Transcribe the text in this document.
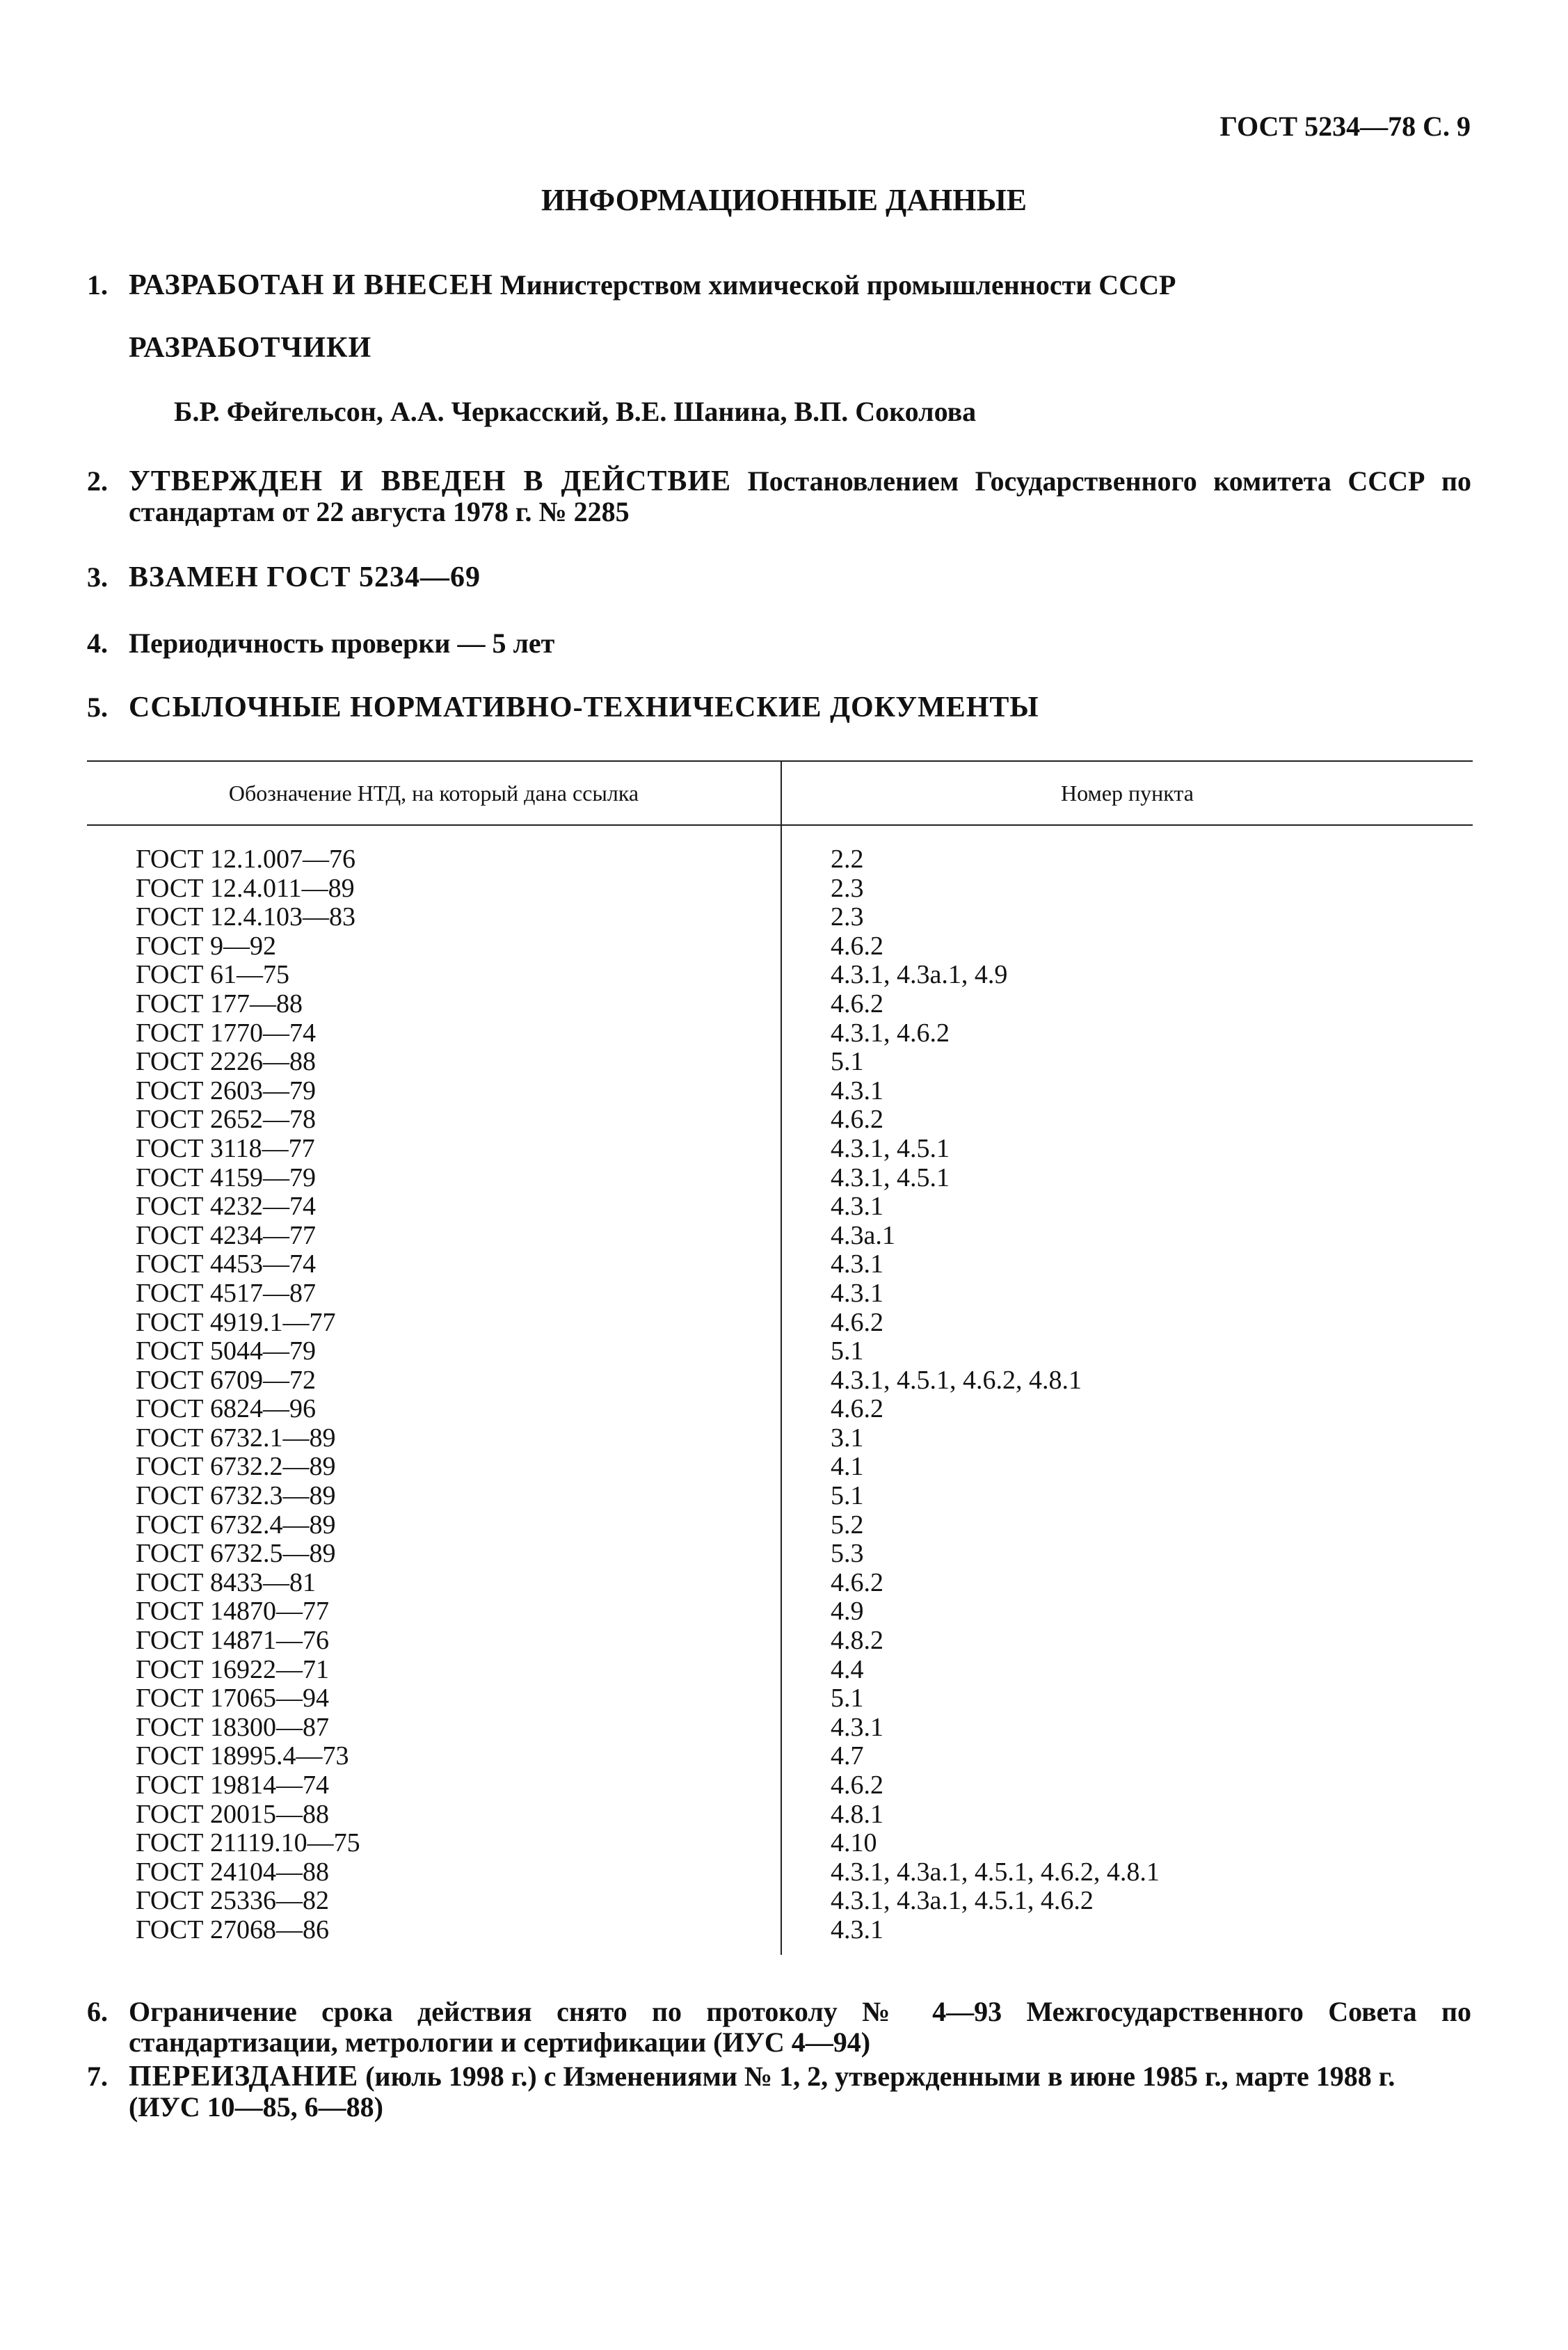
ГОСТ 5234—78 С. 9
ИНФОРМАЦИОННЫЕ ДАННЫЕ
1. РАЗРАБОТАН И ВНЕСЕН Министерством химической промышленности СССР
РАЗРАБОТЧИКИ
Б.Р. Фейгельсон, А.А. Черкасский, В.Е. Шанина, В.П. Соколова
2. УТВЕРЖДЕН И ВВЕДЕН В ДЕЙСТВИЕ Постановлением Государственного комитета СССР по стандартам от 22 августа 1978 г. № 2285
3. ВЗАМЕН ГОСТ 5234—69
4. Периодичность проверки — 5 лет
5. ССЫЛОЧНЫЕ НОРМАТИВНО-ТЕХНИЧЕСКИЕ ДОКУМЕНТЫ
Обозначение НТД, на который дана ссылка	Номер пункта
ГОСТ 12.1.007—76	2.2
ГОСТ 12.4.011—89	2.3
ГОСТ 12.4.103—83	2.3
ГОСТ 9—92	4.6.2
ГОСТ 61—75	4.3.1, 4.3а.1, 4.9
ГОСТ 177—88	4.6.2
ГОСТ 1770—74	4.3.1, 4.6.2
ГОСТ 2226—88	5.1
ГОСТ 2603—79	4.3.1
ГОСТ 2652—78	4.6.2
ГОСТ 3118—77	4.3.1, 4.5.1
ГОСТ 4159—79	4.3.1, 4.5.1
ГОСТ 4232—74	4.3.1
ГОСТ 4234—77	4.3а.1
ГОСТ 4453—74	4.3.1
ГОСТ 4517—87	4.3.1
ГОСТ 4919.1—77	4.6.2
ГОСТ 5044—79	5.1
ГОСТ 6709—72	4.3.1, 4.5.1, 4.6.2, 4.8.1
ГОСТ 6824—96	4.6.2
ГОСТ 6732.1—89	3.1
ГОСТ 6732.2—89	4.1
ГОСТ 6732.3—89	5.1
ГОСТ 6732.4—89	5.2
ГОСТ 6732.5—89	5.3
ГОСТ 8433—81	4.6.2
ГОСТ 14870—77	4.9
ГОСТ 14871—76	4.8.2
ГОСТ 16922—71	4.4
ГОСТ 17065—94	5.1
ГОСТ 18300—87	4.3.1
ГОСТ 18995.4—73	4.7
ГОСТ 19814—74	4.6.2
ГОСТ 20015—88	4.8.1
ГОСТ 21119.10—75	4.10
ГОСТ 24104—88	4.3.1, 4.3а.1, 4.5.1, 4.6.2, 4.8.1
ГОСТ 25336—82	4.3.1, 4.3а.1, 4.5.1, 4.6.2
ГОСТ 27068—86	4.3.1
6. Ограничение срока действия снято по протоколу № 4—93 Межгосударственного Совета по стандартизации, метрологии и сертификации (ИУС 4—94)
7. ПЕРЕИЗДАНИЕ (июль 1998 г.) с Изменениями № 1, 2, утвержденными в июне 1985 г., марте 1988 г. (ИУС 10—85, 6—88)
